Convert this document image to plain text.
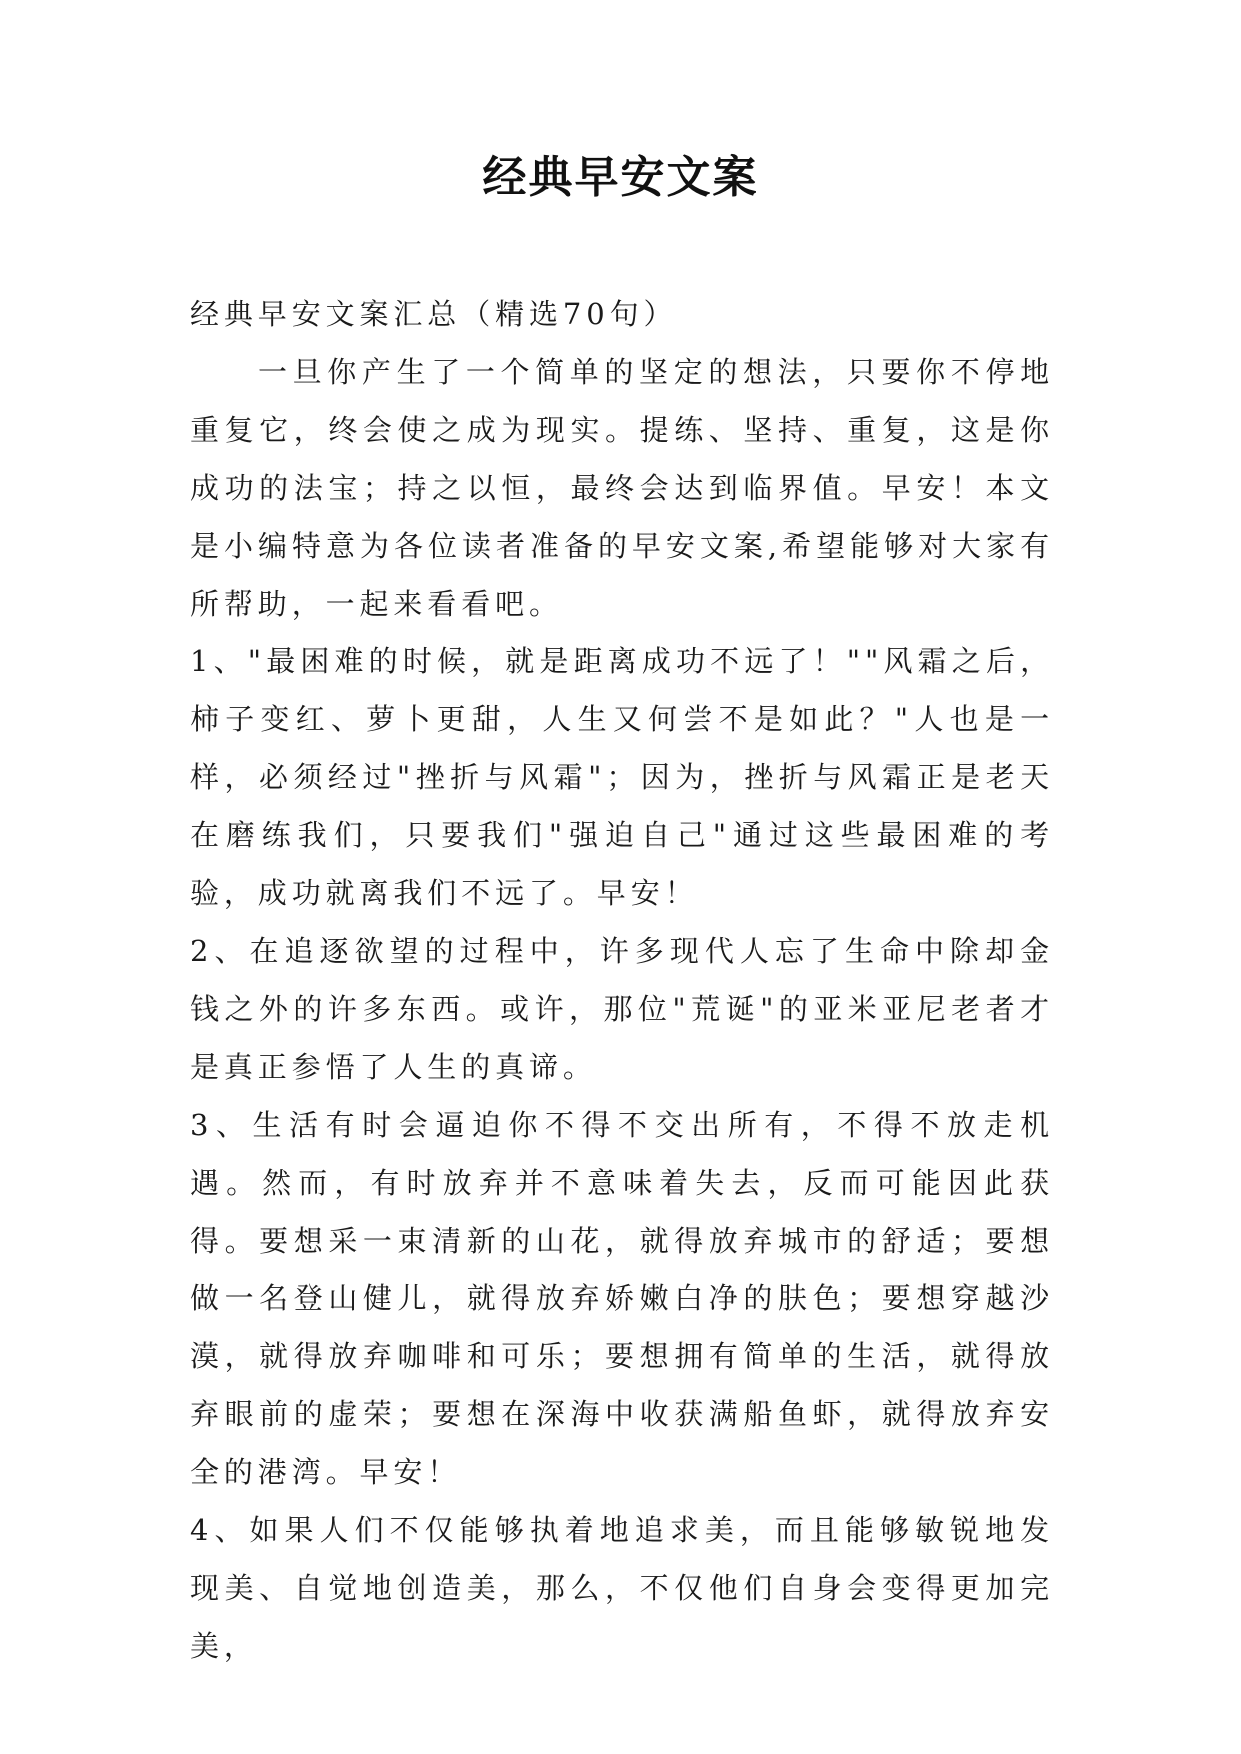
经典早安文案

经典早安文案汇总（精选70句）

一旦你产生了一个简单的坚定的想法，只要你不停地重复它，终会使之成为现实。提练、坚持、重复，这是你成功的法宝；持之以恒，最终会达到临界值。早安！本文是小编特意为各位读者准备的早安文案,希望能够对大家有所帮助，一起来看看吧。

1、"最困难的时候，就是距离成功不远了！""风霜之后，柿子变红、萝卜更甜，人生又何尝不是如此？"人也是一样，必须经过"挫折与风霜"；因为，挫折与风霜正是老天在磨练我们，只要我们"强迫自己"通过这些最困难的考验，成功就离我们不远了。早安！

2、在追逐欲望的过程中，许多现代人忘了生命中除却金钱之外的许多东西。或许，那位"荒诞"的亚米亚尼老者才是真正参悟了人生的真谛。

3、生活有时会逼迫你不得不交出所有，不得不放走机遇。然而，有时放弃并不意味着失去，反而可能因此获得。要想采一束清新的山花，就得放弃城市的舒适；要想做一名登山健儿，就得放弃娇嫩白净的肤色；要想穿越沙漠，就得放弃咖啡和可乐；要想拥有简单的生活，就得放弃眼前的虚荣；要想在深海中收获满船鱼虾，就得放弃安全的港湾。早安！

4、如果人们不仅能够执着地追求美，而且能够敏锐地发现美、自觉地创造美，那么，不仅他们自身会变得更加完美，
